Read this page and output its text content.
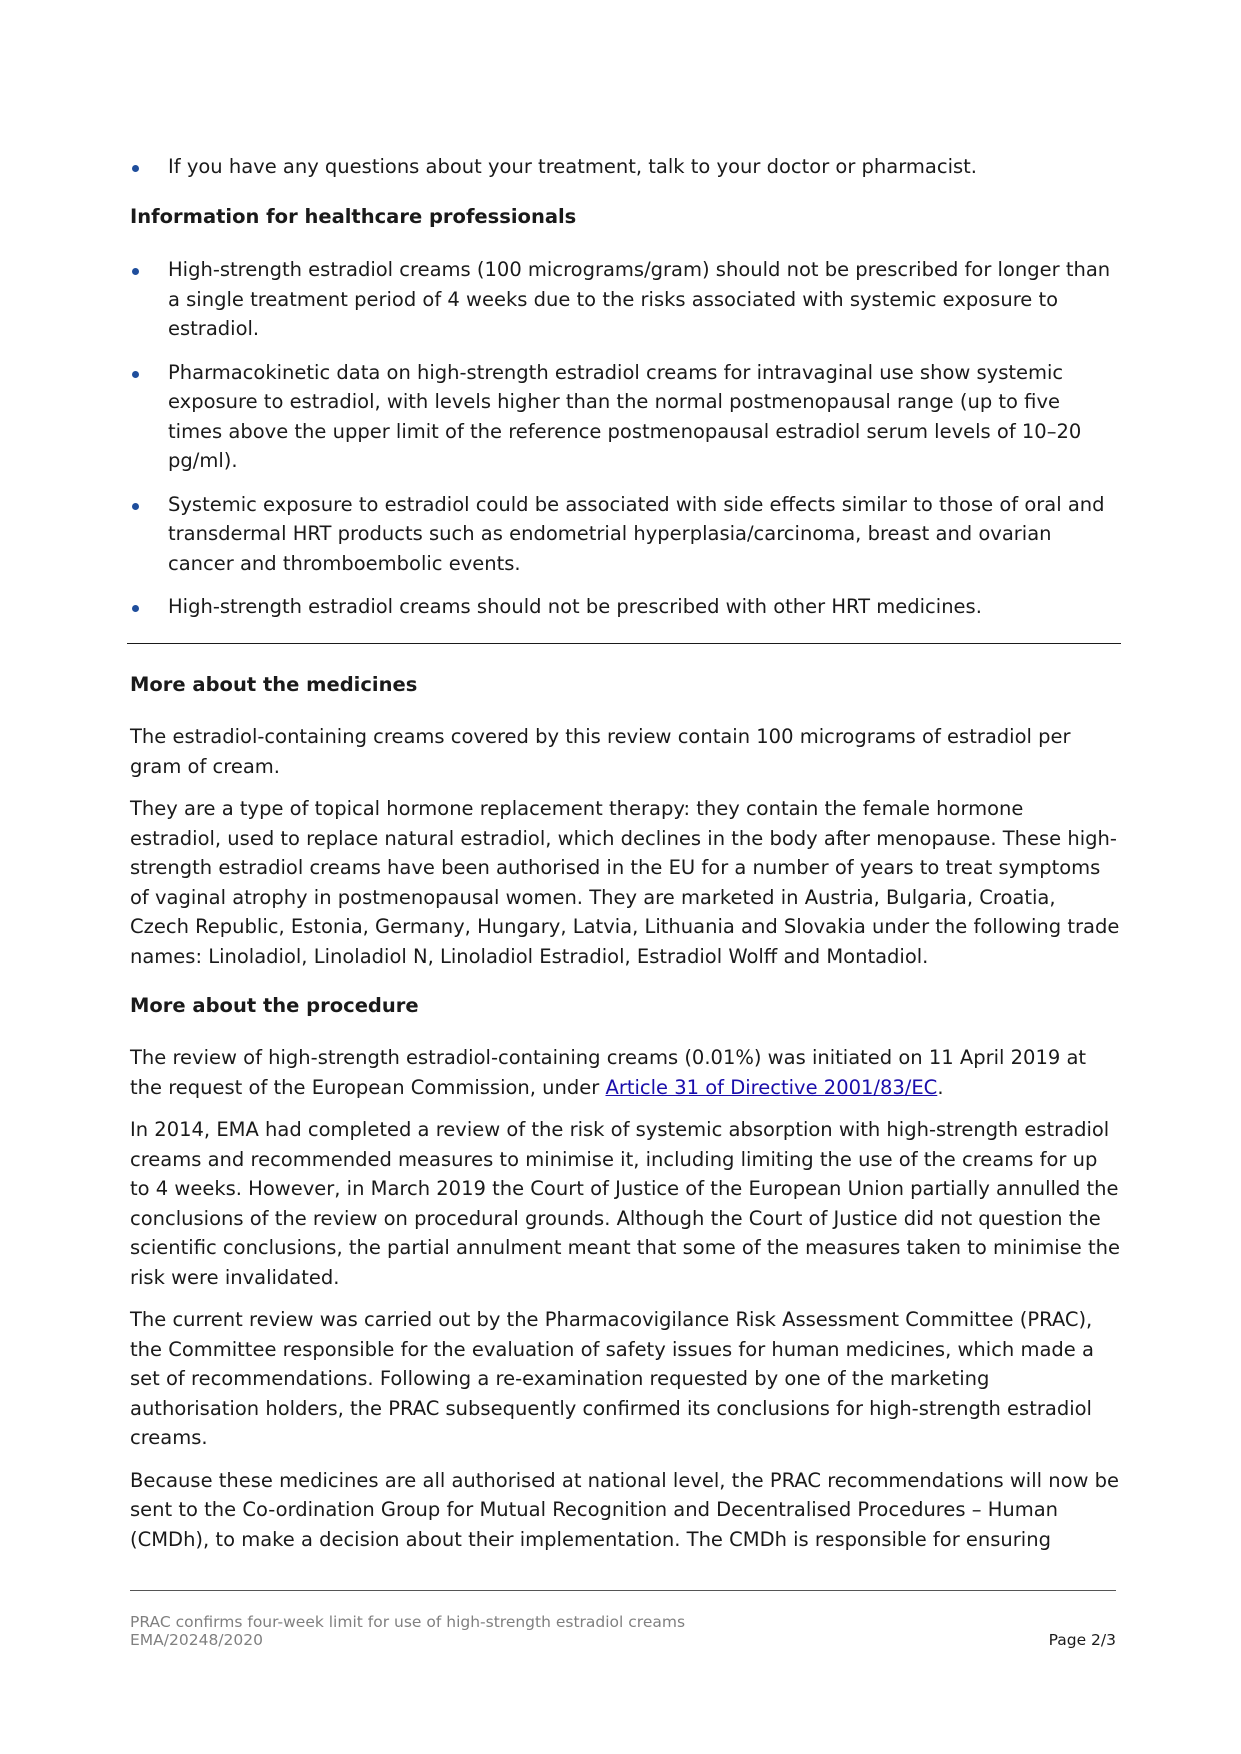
If you have any questions about your treatment, talk to your doctor or pharmacist.
Information for healthcare professionals
High-strength estradiol creams (100 micrograms/gram) should not be prescribed for longer than a single treatment period of 4 weeks due to the risks associated with systemic exposure to estradiol.
Pharmacokinetic data on high-strength estradiol creams for intravaginal use show systemic exposure to estradiol, with levels higher than the normal postmenopausal range (up to five times above the upper limit of the reference postmenopausal estradiol serum levels of 10–20 pg/ml).
Systemic exposure to estradiol could be associated with side effects similar to those of oral and transdermal HRT products such as endometrial hyperplasia/carcinoma, breast and ovarian cancer and thromboembolic events.
High-strength estradiol creams should not be prescribed with other HRT medicines.
More about the medicines

The estradiol-containing creams covered by this review contain 100 micrograms of estradiol per gram of cream.

They are a type of topical hormone replacement therapy: they contain the female hormone estradiol, used to replace natural estradiol, which declines in the body after menopause. These high-strength estradiol creams have been authorised in the EU for a number of years to treat symptoms of vaginal atrophy in postmenopausal women. They are marketed in Austria, Bulgaria, Croatia, Czech Republic, Estonia, Germany, Hungary, Latvia, Lithuania and Slovakia under the following trade names: Linoladiol, Linoladiol N, Linoladiol Estradiol, Estradiol Wolff and Montadiol.

More about the procedure

The review of high-strength estradiol-containing creams (0.01%) was initiated on 11 April 2019 at the request of the European Commission, under Article 31 of Directive 2001/83/EC.

In 2014, EMA had completed a review of the risk of systemic absorption with high-strength estradiol creams and recommended measures to minimise it, including limiting the use of the creams for up to 4 weeks. However, in March 2019 the Court of Justice of the European Union partially annulled the conclusions of the review on procedural grounds. Although the Court of Justice did not question the scientific conclusions, the partial annulment meant that some of the measures taken to minimise the risk were invalidated.

The current review was carried out by the Pharmacovigilance Risk Assessment Committee (PRAC), the Committee responsible for the evaluation of safety issues for human medicines, which made a set of recommendations. Following a re-examination requested by one of the marketing authorisation holders, the PRAC subsequently confirmed its conclusions for high-strength estradiol creams.

Because these medicines are all authorised at national level, the PRAC recommendations will now be sent to the Co-ordination Group for Mutual Recognition and Decentralised Procedures – Human (CMDh), to make a decision about their implementation. The CMDh is responsible for ensuring

PRAC confirms four-week limit for use of high-strength estradiol creams
EMA/20248/2020	Page 2/3
